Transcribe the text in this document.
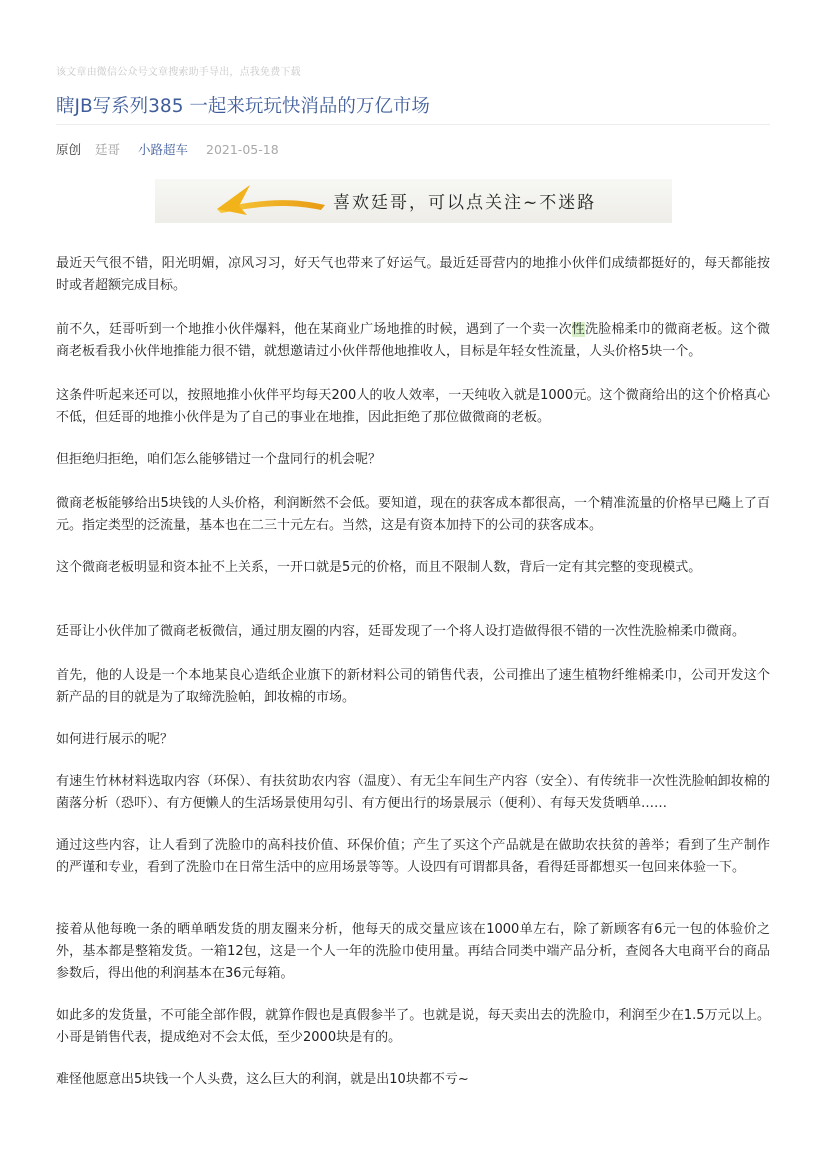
该文章由微信公众号文章搜索助手导出，点我免费下载
瞎JB写系列385 一起来玩玩快消品的万亿市场
原创 廷哥 小路超车 2021-05-18
喜欢廷哥，可以点关注~不迷路

最近天气很不错，阳光明媚，凉风习习，好天气也带来了好运气。最近廷哥营内的地推小伙伴们成绩都挺好的，每天都能按时或者超额完成目标。

前不久，廷哥听到一个地推小伙伴爆料，他在某商业广场地推的时候，遇到了一个卖一次性洗脸棉柔巾的微商老板。这个微商老板看我小伙伴地推能力很不错，就想邀请过小伙伴帮他地推收人，目标是年轻女性流量，人头价格5块一个。

这条件听起来还可以，按照地推小伙伴平均每天200人的收人效率，一天纯收入就是1000元。这个微商给出的这个价格真心不低，但廷哥的地推小伙伴是为了自己的事业在地推，因此拒绝了那位做微商的老板。

但拒绝归拒绝，咱们怎么能够错过一个盘同行的机会呢？

微商老板能够给出5块钱的人头价格，利润断然不会低。要知道，现在的获客成本都很高，一个精准流量的价格早已飚上了百元。指定类型的泛流量，基本也在二三十元左右。当然，这是有资本加持下的公司的获客成本。

这个微商老板明显和资本扯不上关系，一开口就是5元的价格，而且不限制人数，背后一定有其完整的变现模式。

廷哥让小伙伴加了微商老板微信，通过朋友圈的内容，廷哥发现了一个将人设打造做得很不错的一次性洗脸棉柔巾微商。

首先，他的人设是一个本地某良心造纸企业旗下的新材料公司的销售代表，公司推出了速生植物纤维棉柔巾，公司开发这个新产品的目的就是为了取缔洗脸帕，卸妆棉的市场。

如何进行展示的呢？

有速生竹林材料选取内容（环保）、有扶贫助农内容（温度）、有无尘车间生产内容（安全）、有传统非一次性洗脸帕卸妆棉的菌落分析（恐吓）、有方便懒人的生活场景使用勾引、有方便出行的场景展示（便利）、有每天发货晒单……

通过这些内容，让人看到了洗脸巾的高科技价值、环保价值；产生了买这个产品就是在做助农扶贫的善举；看到了生产制作的严谨和专业，看到了洗脸巾在日常生活中的应用场景等等。人设四有可谓都具备，看得廷哥都想买一包回来体验一下。

接着从他每晚一条的晒单晒发货的朋友圈来分析，他每天的成交量应该在1000单左右，除了新顾客有6元一包的体验价之外，基本都是整箱发货。一箱12包，这是一个人一年的洗脸巾使用量。再结合同类中端产品分析，查阅各大电商平台的商品参数后，得出他的利润基本在36元每箱。

如此多的发货量，不可能全部作假，就算作假也是真假参半了。也就是说，每天卖出去的洗脸巾，利润至少在1.5万元以上。小哥是销售代表，提成绝对不会太低，至少2000块是有的。

难怪他愿意出5块钱一个人头费，这么巨大的利润，就是出10块都不亏~
